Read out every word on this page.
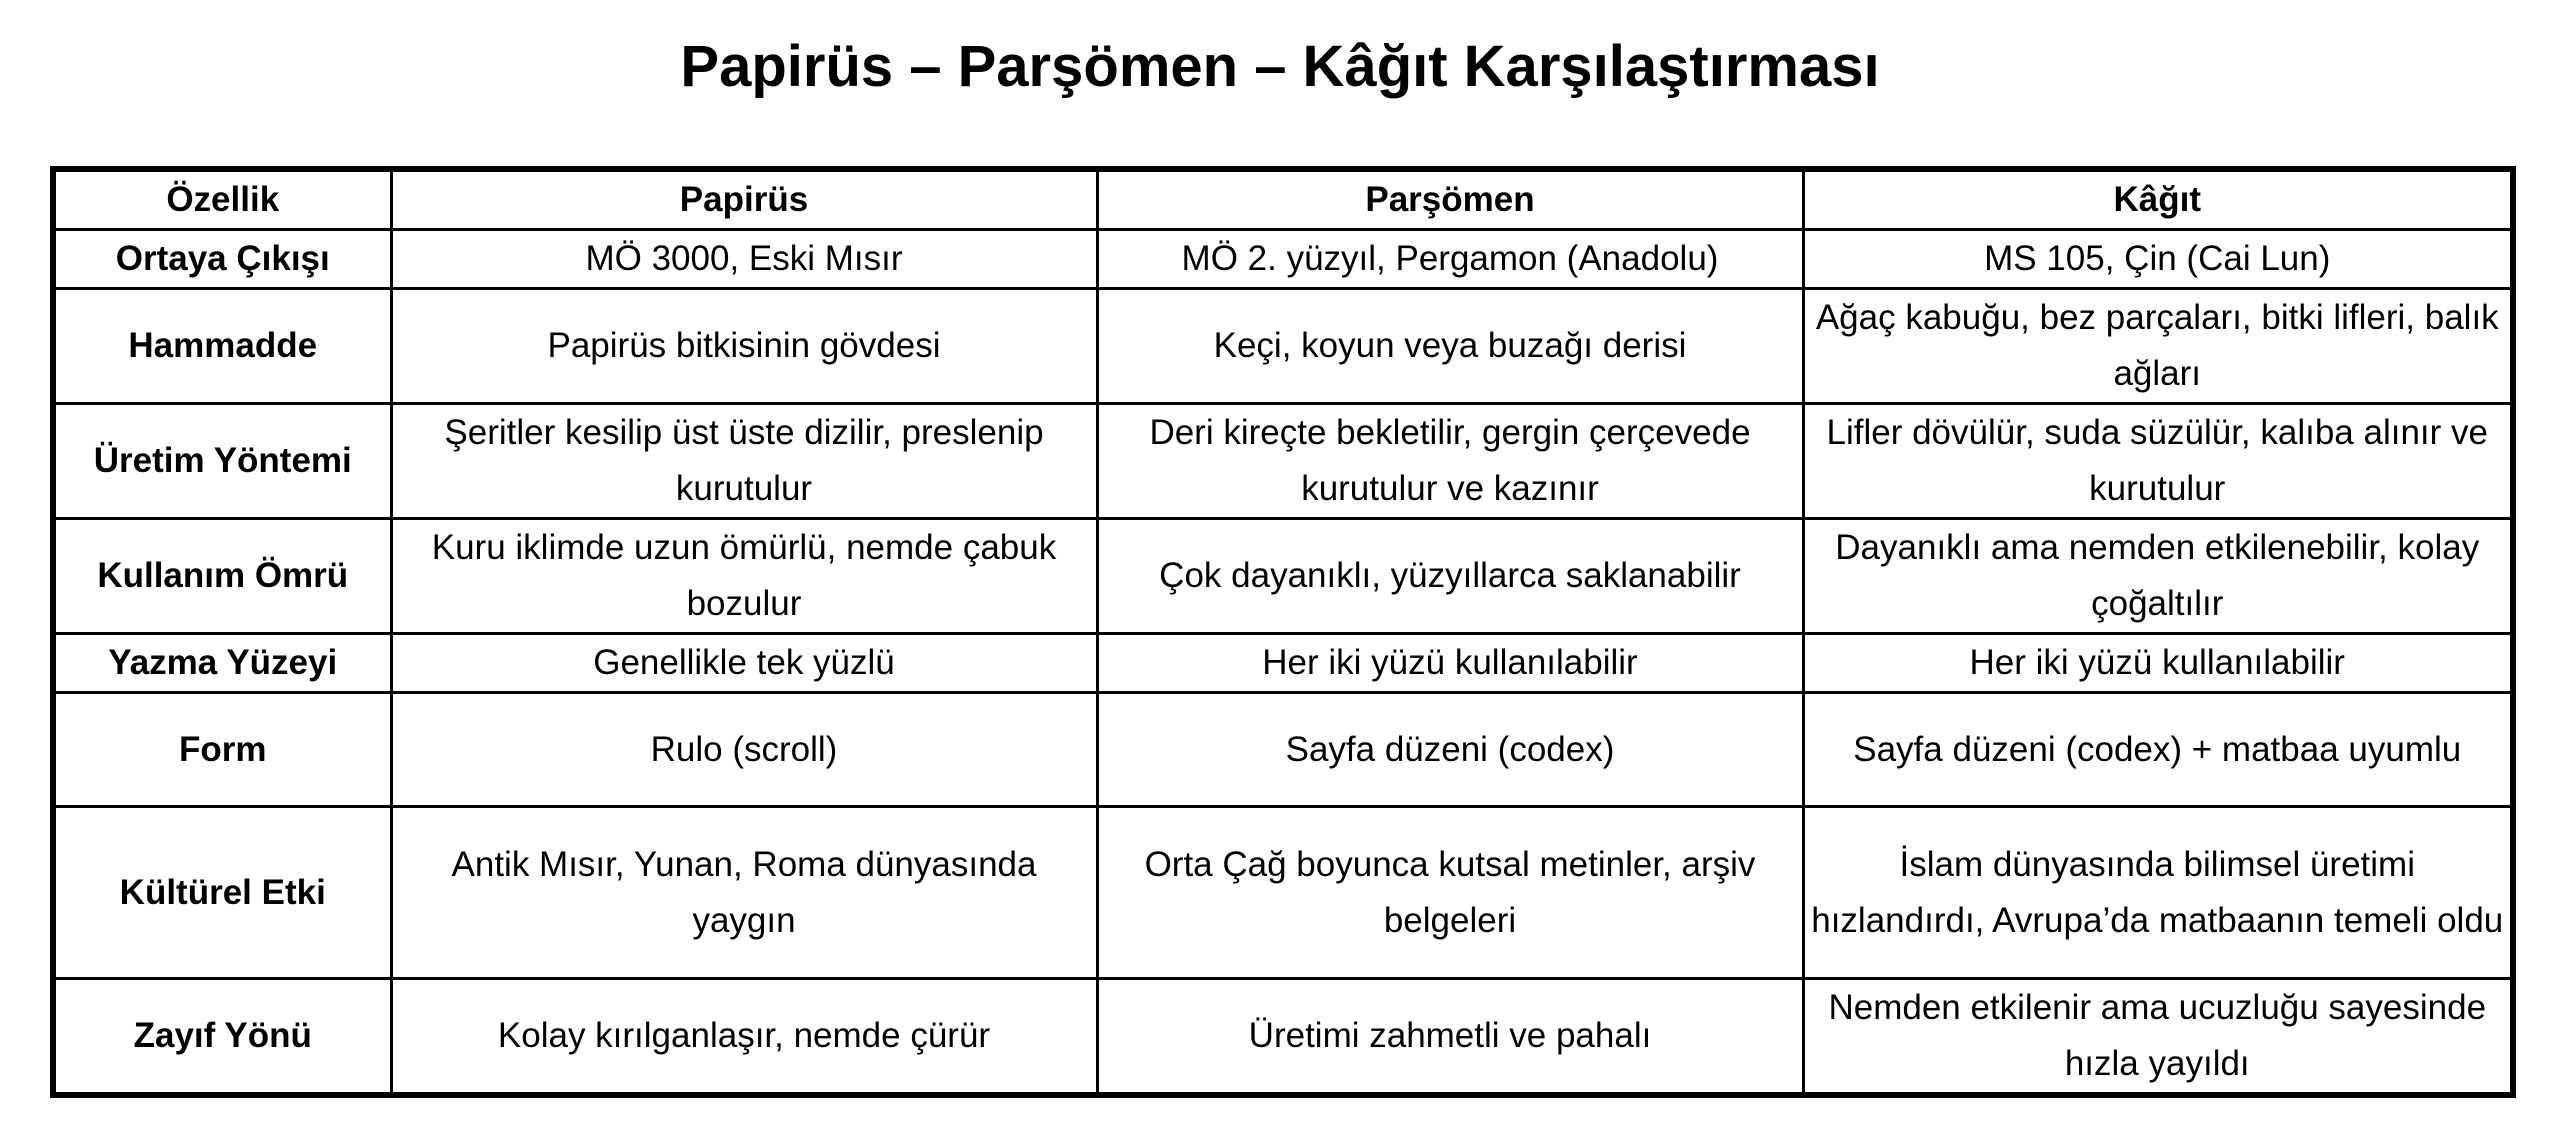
Papirüs – Parşömen – Kâğıt Karşılaştırması
Özellik	Papirüs	Parşömen	Kâğıt
Ortaya Çıkışı	MÖ 3000, Eski Mısır	MÖ 2. yüzyıl, Pergamon (Anadolu)	MS 105, Çin (Cai Lun)
Hammadde	Papirüs bitkisinin gövdesi	Keçi, koyun veya buzağı derisi	Ağaç kabuğu, bez parçaları, bitki lifleri, balık ağları
Üretim Yöntemi	Şeritler kesilip üst üste dizilir, preslenip kurutulur	Deri kireçte bekletilir, gergin çerçevede kurutulur ve kazınır	Lifler dövülür, suda süzülür, kalıba alınır ve kurutulur
Kullanım Ömrü	Kuru iklimde uzun ömürlü, nemde çabuk bozulur	Çok dayanıklı, yüzyıllarca saklanabilir	Dayanıklı ama nemden etkilenebilir, kolay çoğaltılır
Yazma Yüzeyi	Genellikle tek yüzlü	Her iki yüzü kullanılabilir	Her iki yüzü kullanılabilir
Form	Rulo (scroll)	Sayfa düzeni (codex)	Sayfa düzeni (codex) + matbaa uyumlu
Kültürel Etki	Antik Mısır, Yunan, Roma dünyasında yaygın	Orta Çağ boyunca kutsal metinler, arşiv belgeleri	İslam dünyasında bilimsel üretimi hızlandırdı, Avrupa’da matbaanın temeli oldu
Zayıf Yönü	Kolay kırılganlaşır, nemde çürür	Üretimi zahmetli ve pahalı	Nemden etkilenir ama ucuzluğu sayesinde hızla yayıldı
